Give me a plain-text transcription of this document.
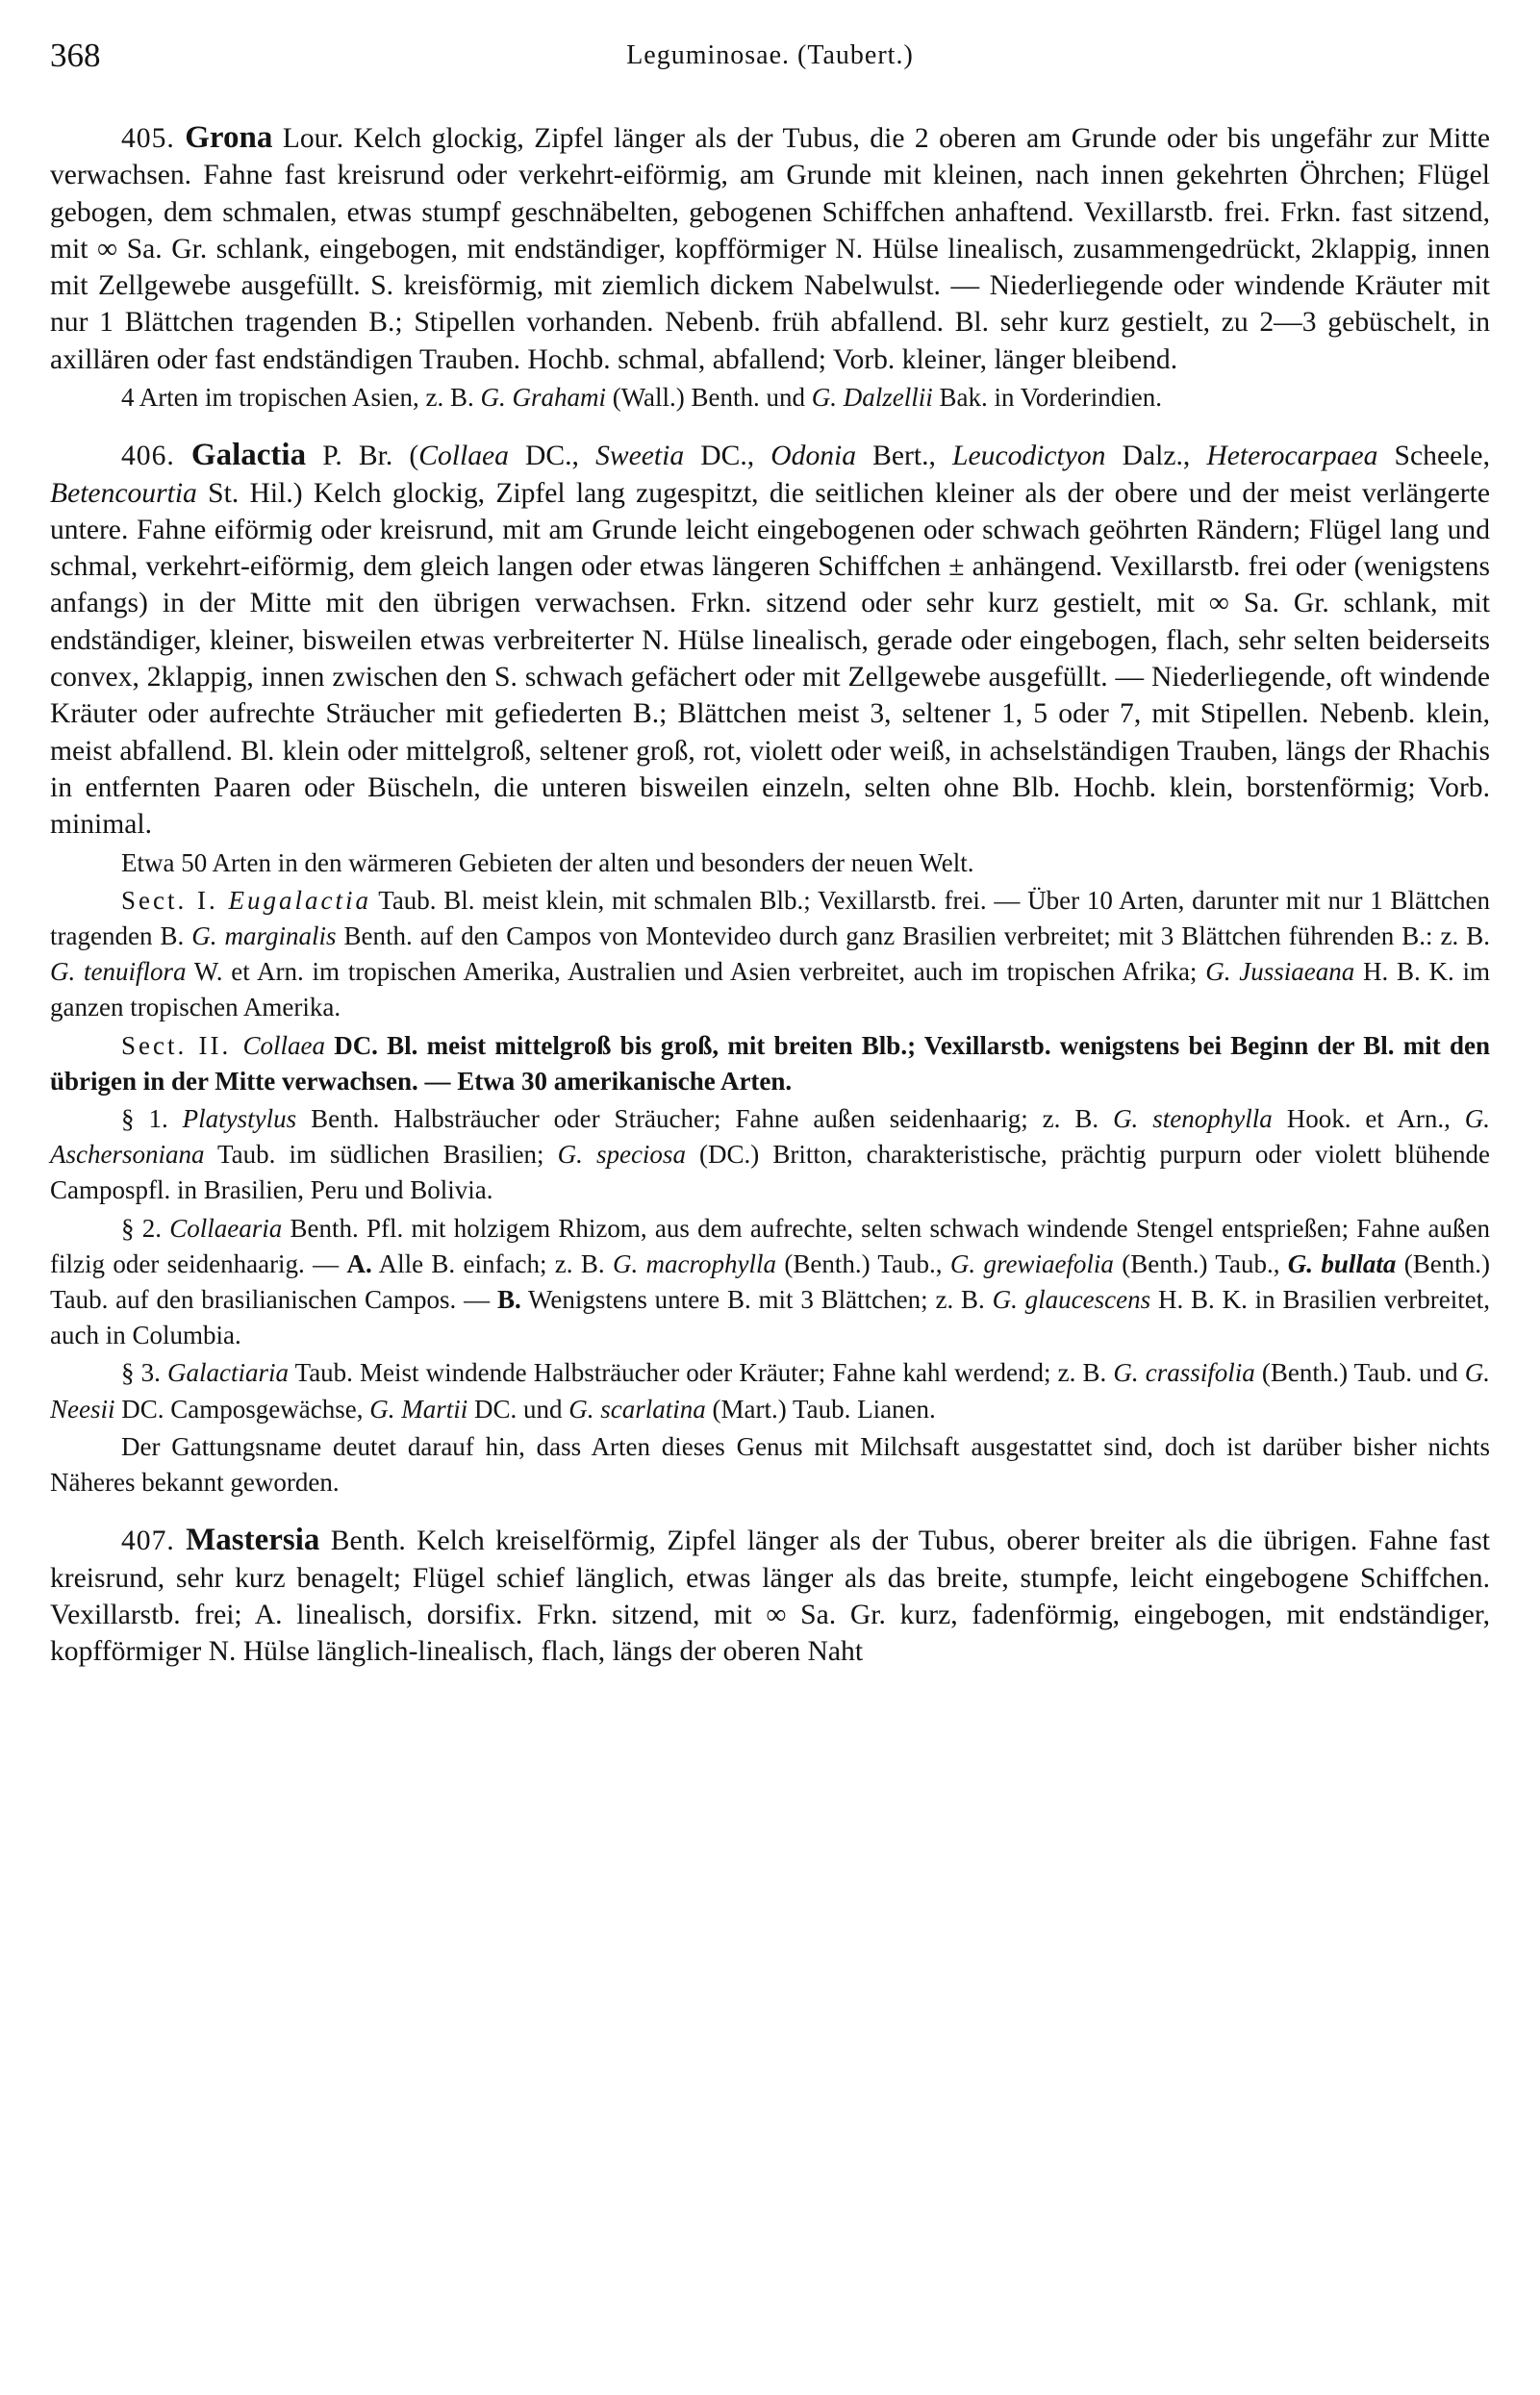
368	Leguminosae. (Taubert.)

405. Grona Lour. Kelch glockig, Zipfel länger als der Tubus, die 2 oberen am Grunde oder bis ungefähr zur Mitte verwachsen. Fahne fast kreisrund oder verkehrt-eiförmig, am Grunde mit kleinen, nach innen gekehrten Öhrchen; Flügel gebogen, dem schmalen, etwas stumpf geschnäbelten, gebogenen Schiffchen anhaftend. Vexillarstb. frei. Frkn. fast sitzend, mit ∞ Sa. Gr. schlank, eingebogen, mit endständiger, kopfförmiger N. Hülse linealisch, zusammengedrückt, 2klappig, innen mit Zellgewebe ausgefüllt. S. kreisförmig, mit ziemlich dickem Nabelwulst. — Niederliegende oder windende Kräuter mit nur 1 Blättchen tragenden B.; Stipellen vorhanden. Nebenb. früh abfallend. Bl. sehr kurz gestielt, zu 2—3 gebüschelt, in axillären oder fast endständigen Trauben. Hochb. schmal, abfallend; Vorb. kleiner, länger bleibend.

4 Arten im tropischen Asien, z. B. G. Grahami (Wall.) Benth. und G. Dalzellii Bak. in Vorderindien.

406. Galactia P. Br. (Collaea DC., Sweetia DC., Odonia Bert., Leucodictyon Dalz., Heterocarpaea Scheele, Betencourtia St. Hil.) Kelch glockig, Zipfel lang zugespitzt, die seitlichen kleiner als der obere und der meist verlängerte untere. Fahne eiförmig oder kreisrund, mit am Grunde leicht eingebogenen oder schwach geöhrten Rändern; Flügel lang und schmal, verkehrt-eiförmig, dem gleich langen oder etwas längeren Schiffchen ± anhängend. Vexillarstb. frei oder (wenigstens anfangs) in der Mitte mit den übrigen verwachsen. Frkn. sitzend oder sehr kurz gestielt, mit ∞ Sa. Gr. schlank, mit endständiger, kleiner, bisweilen etwas verbreiterter N. Hülse linealisch, gerade oder eingebogen, flach, sehr selten beiderseits convex, 2klappig, innen zwischen den S. schwach gefächert oder mit Zellgewebe ausgefüllt. — Niederliegende, oft windende Kräuter oder aufrechte Sträucher mit gefiederten B.; Blättchen meist 3, seltener 1, 5 oder 7, mit Stipellen. Nebenb. klein, meist abfallend. Bl. klein oder mittelgroß, seltener groß, rot, violett oder weiß, in achselständigen Trauben, längs der Rhachis in entfernten Paaren oder Büscheln, die unteren bisweilen einzeln, selten ohne Blb. Hochb. klein, borstenförmig; Vorb. minimal.

Etwa 50 Arten in den wärmeren Gebieten der alten und besonders der neuen Welt.

Sect. I. Eugalactia Taub. Bl. meist klein, mit schmalen Blb.; Vexillarstb. frei. — Über 10 Arten, darunter mit nur 1 Blättchen tragenden B. G. marginalis Benth. auf den Campos von Montevideo durch ganz Brasilien verbreitet; mit 3 Blättchen führenden B.: z. B. G. tenuiflora W. et Arn. im tropischen Amerika, Australien und Asien verbreitet, auch im tropischen Afrika; G. Jussiaeana H. B. K. im ganzen tropischen Amerika.

Sect. II. Collaea DC. Bl. meist mittelgroß bis groß, mit breiten Blb.; Vexillarstb. wenigstens bei Beginn der Bl. mit den übrigen in der Mitte verwachsen. — Etwa 30 amerikanische Arten.

§ 1. Platystylus Benth. Halbsträucher oder Sträucher; Fahne außen seidenhaarig; z. B. G. stenophylla Hook. et Arn., G. Aschersoniana Taub. im südlichen Brasilien; G. speciosa (DC.) Britton, charakteristische, prächtig purpurn oder violett blühende Campospfl. in Brasilien, Peru und Bolivia.

§ 2. Collaearia Benth. Pfl. mit holzigem Rhizom, aus dem aufrechte, selten schwach windende Stengel entsprießen; Fahne außen filzig oder seidenhaarig. — A. Alle B. einfach; z. B. G. macrophylla (Benth.) Taub., G. grewiaefolia (Benth.) Taub., G. bullata (Benth.) Taub. auf den brasilianischen Campos. — B. Wenigstens untere B. mit 3 Blättchen; z. B. G. glaucescens H. B. K. in Brasilien verbreitet, auch in Columbia.

§ 3. Galactiaria Taub. Meist windende Halbsträucher oder Kräuter; Fahne kahl werdend; z. B. G. crassifolia (Benth.) Taub. und G. Neesii DC. Camposgewächse, G. Martii DC. und G. scarlatina (Mart.) Taub. Lianen.

Der Gattungsname deutet darauf hin, dass Arten dieses Genus mit Milchsaft ausgestattet sind, doch ist darüber bisher nichts Näheres bekannt geworden.

407. Mastersia Benth. Kelch kreiselförmig, Zipfel länger als der Tubus, oberer breiter als die übrigen. Fahne fast kreisrund, sehr kurz benagelt; Flügel schief länglich, etwas länger als das breite, stumpfe, leicht eingebogene Schiffchen. Vexillarstb. frei; A. linealisch, dorsifix. Frkn. sitzend, mit ∞ Sa. Gr. kurz, fadenförmig, eingebogen, mit endständiger, kopfförmiger N. Hülse länglich-linealisch, flach, längs der oberen Naht
